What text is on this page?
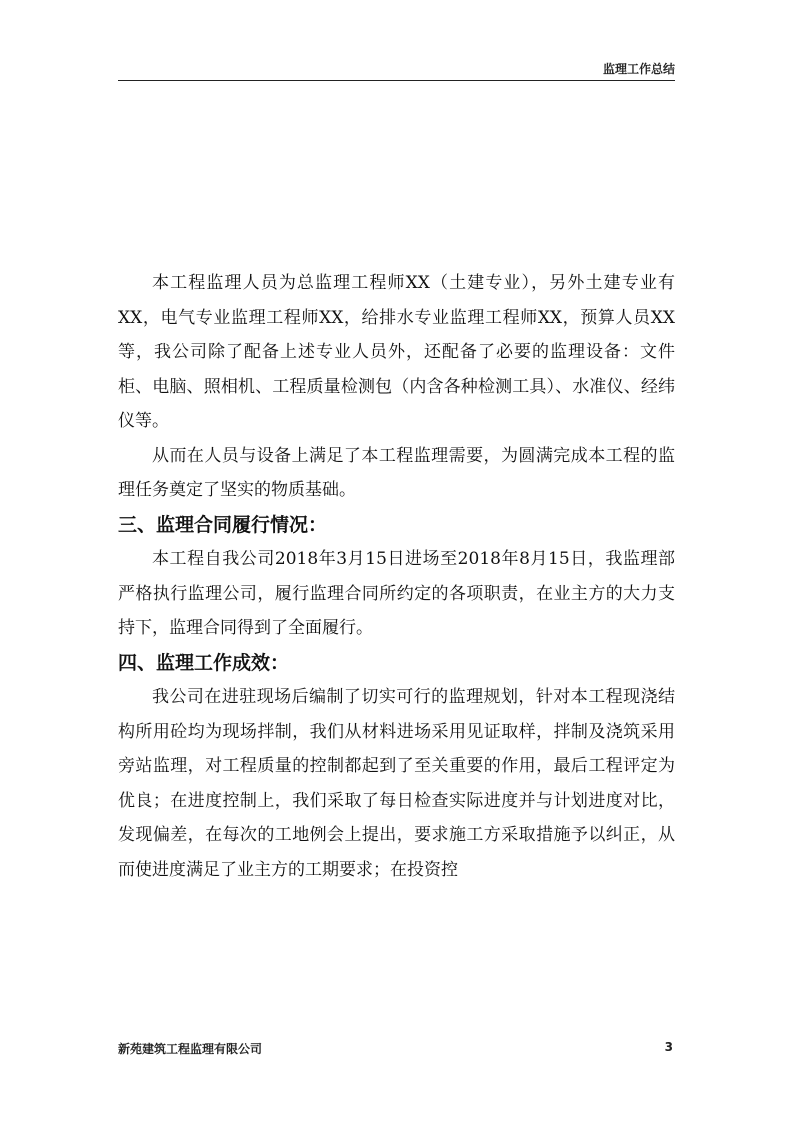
监理工作总结

本工程监理人员为总监理工程师XX（土建专业），另外土建专业有XX，电气专业监理工程师XX，给排水专业监理工程师XX，预算人员XX等，我公司除了配备上述专业人员外，还配备了必要的监理设备：文件柜、电脑、照相机、工程质量检测包（内含各种检测工具）、水准仪、经纬仪等。

从而在人员与设备上满足了本工程监理需要，为圆满完成本工程的监理任务奠定了坚实的物质基础。

三、监理合同履行情况：

本工程自我公司2018年3月15日进场至2018年8月15日，我监理部严格执行监理公司，履行监理合同所约定的各项职责，在业主方的大力支持下，监理合同得到了全面履行。

四、监理工作成效：

我公司在进驻现场后编制了切实可行的监理规划，针对本工程现浇结构所用砼均为现场拌制，我们从材料进场采用见证取样，拌制及浇筑采用旁站监理，对工程质量的控制都起到了至关重要的作用，最后工程评定为优良；在进度控制上，我们采取了每日检查实际进度并与计划进度对比，发现偏差，在每次的工地例会上提出，要求施工方采取措施予以纠正，从而使进度满足了业主方的工期要求；在投资控

新苑建筑工程监理有限公司	3
